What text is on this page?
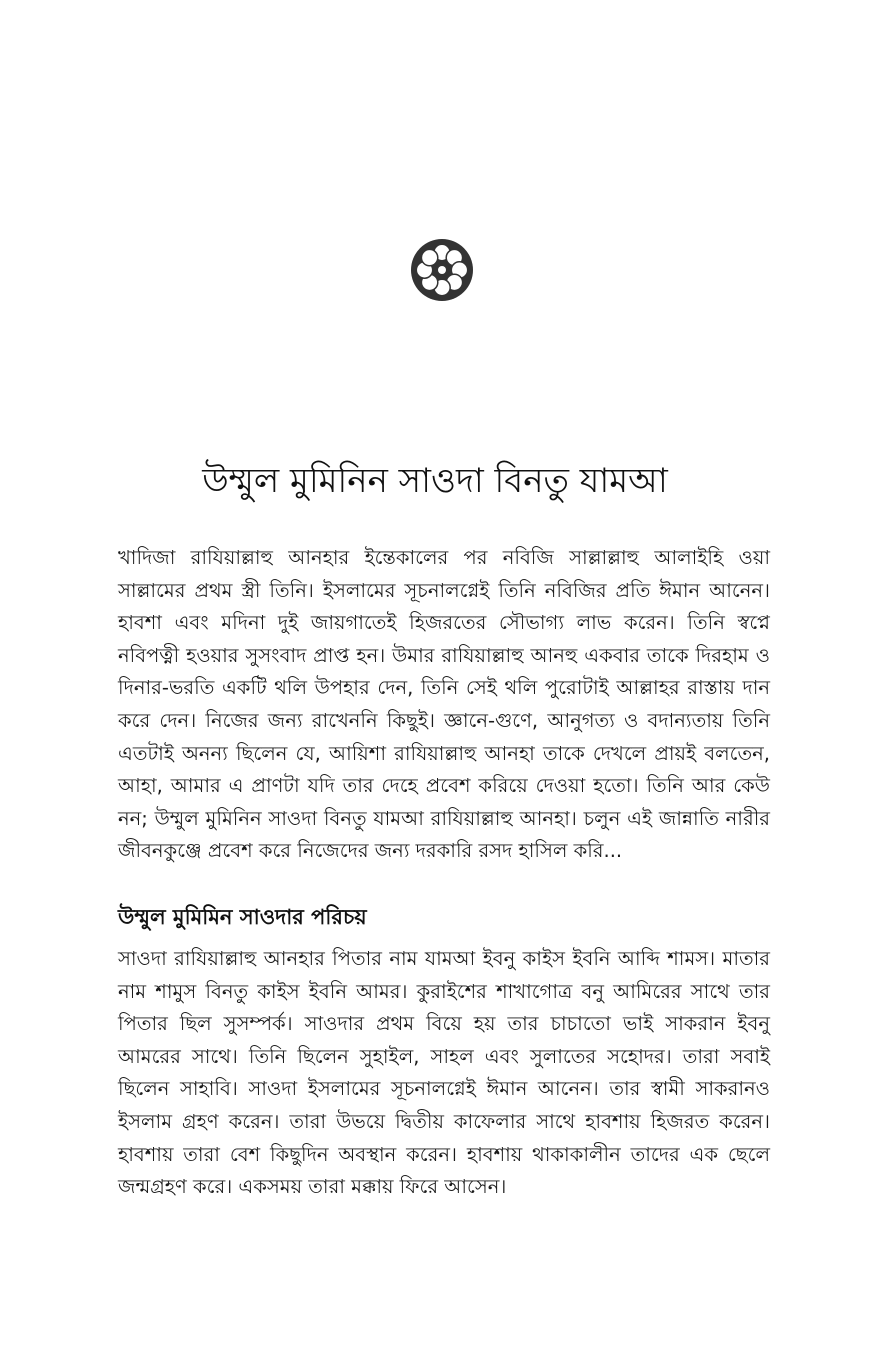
উম্মুল মুমিনিন সাওদা বিনতু যামআ

খাদিজা রাযিয়াল্লাহু আনহার ইন্তেকালের পর নবিজি সাল্লাল্লাহু আলাইহি ওয়া সাল্লামের প্রথম স্ত্রী তিনি। ইসলামের সূচনালগ্নেই তিনি নবিজির প্রতি ঈমান আনেন। হাবশা এবং মদিনা দুই জায়গাতেই হিজরতের সৌভাগ্য লাভ করেন। তিনি স্বপ্নে নবিপত্নী হওয়ার সুসংবাদ প্রাপ্ত হন। উমার রাযিয়াল্লাহু আনহু একবার তাকে দিরহাম ও দিনার-ভরতি একটি থলি উপহার দেন, তিনি সেই থলি পুরোটাই আল্লাহর রাস্তায় দান করে দেন। নিজের জন্য রাখেননি কিছুই। জ্ঞানে-গুণে, আনুগত্য ও বদান্যতায় তিনি এতটাই অনন্য ছিলেন যে, আয়িশা রাযিয়াল্লাহু আনহা তাকে দেখলে প্রায়ই বলতেন, আহা, আমার এ প্রাণটা যদি তার দেহে প্রবেশ করিয়ে দেওয়া হতো। তিনি আর কেউ নন; উম্মুল মুমিনিন সাওদা বিনতু যামআ রাযিয়াল্লাহু আনহা। চলুন এই জান্নাতি নারীর জীবনকুঞ্জে প্রবেশ করে নিজেদের জন্য দরকারি রসদ হাসিল করি...

উম্মুল মুমিমিন সাওদার পরিচয়

সাওদা রাযিয়াল্লাহু আনহার পিতার নাম যামআ ইবনু কাইস ইবনি আব্দি শামস। মাতার নাম শামুস বিনতু কাইস ইবনি আমর। কুরাইশের শাখাগোত্র বনু আমিরের সাথে তার পিতার ছিল সুসম্পর্ক। সাওদার প্রথম বিয়ে হয় তার চাচাতো ভাই সাকরান ইবনু আমরের সাথে। তিনি ছিলেন সুহাইল, সাহল এবং সুলাতের সহোদর। তারা সবাই ছিলেন সাহাবি। সাওদা ইসলামের সূচনালগ্নেই ঈমান আনেন। তার স্বামী সাকরানও ইসলাম গ্রহণ করেন। তারা উভয়ে দ্বিতীয় কাফেলার সাথে হাবশায় হিজরত করেন। হাবশায় তারা বেশ কিছুদিন অবস্থান করেন। হাবশায় থাকাকালীন তাদের এক ছেলে জন্মগ্রহণ করে। একসময় তারা মক্কায় ফিরে আসেন।
